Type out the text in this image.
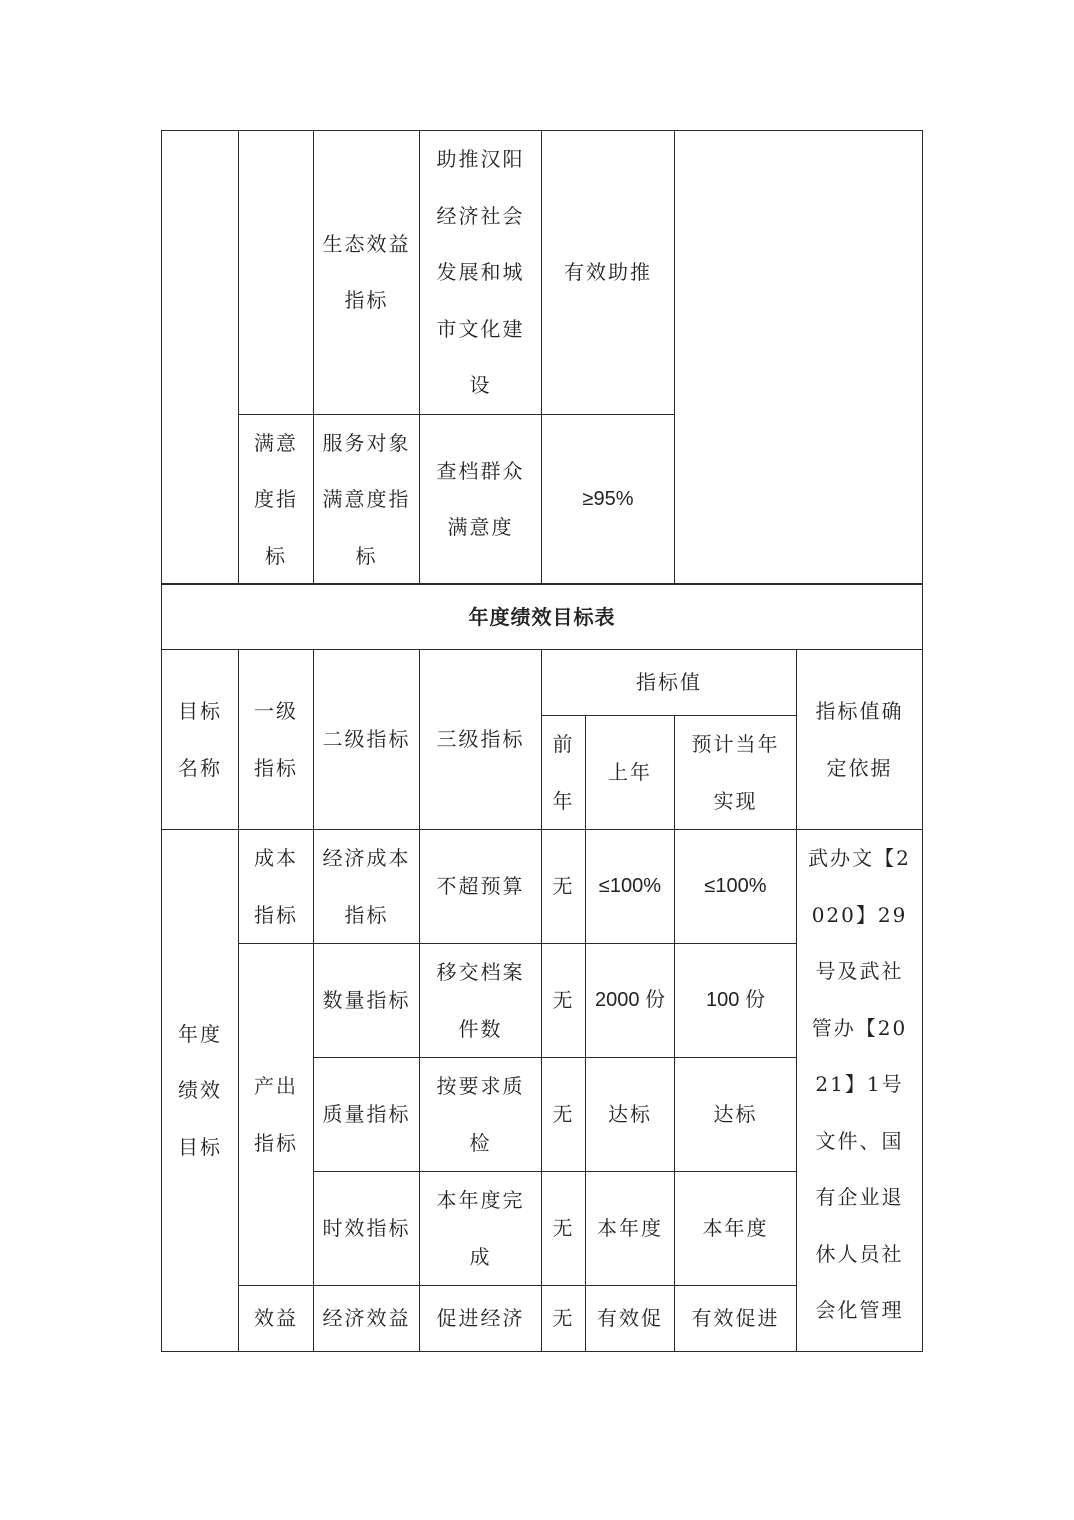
		生态效益指标	助推汉阳经济社会发展和城市文化建设	有效助推	
	满意度指标	服务对象满意度指标	查档群众满意度	≥95%	
年度绩效目标表							
目标名称	一级指标	二级指标	三级指标	指标值			指标值确定依据
				前年	上年	预计当年实现	
年度绩效目标	成本指标	经济成本指标	不超预算	无	≤100%	≤100%	武办文【2020】29号及武社管办【2021】1号文件、国有企业退休人员社会化管理
	产出指标	数量指标	移交档案件数	无	2000 份	100 份	
		质量指标	按要求质检	无	达标	达标	
		时效指标	本年度完成	无	本年度	本年度	
	效益	经济效益	促进经济	无	有效促	有效促进	
